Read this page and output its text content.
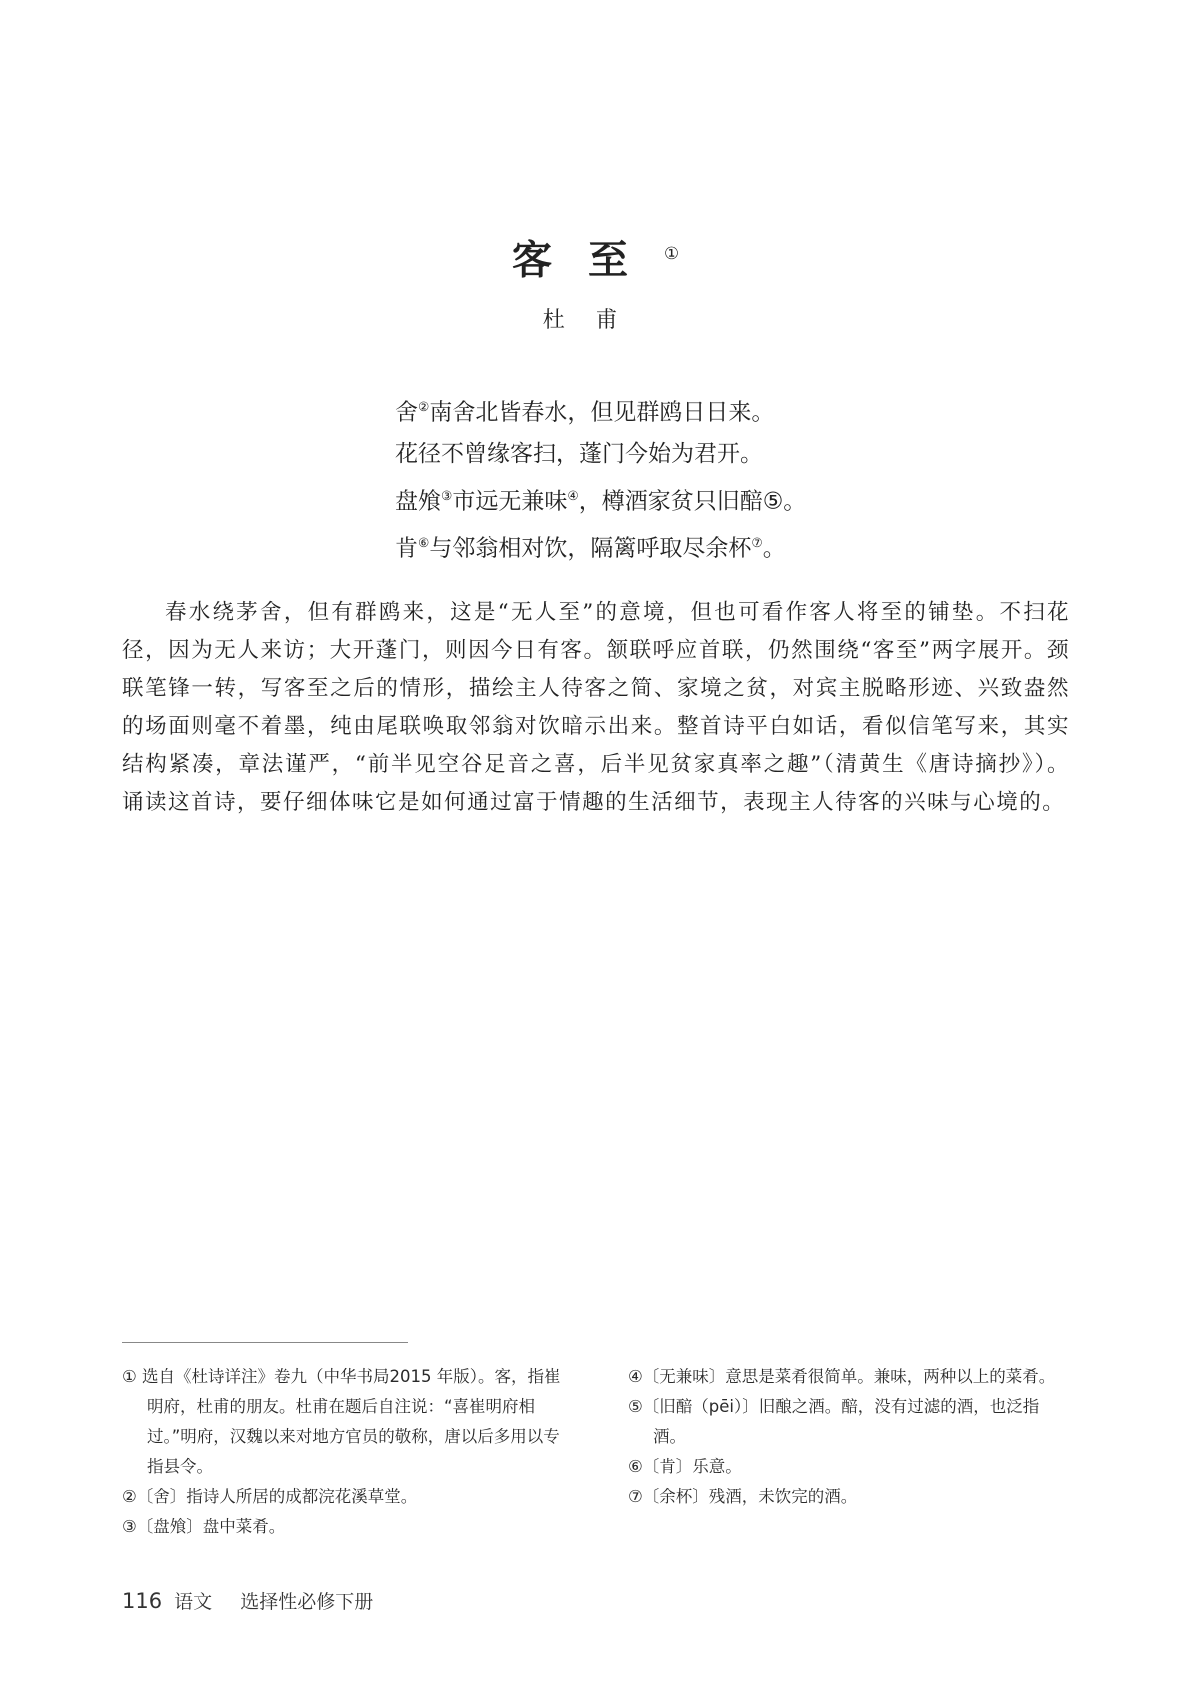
客至①
杜甫
舍②南舍北皆春水，但见群鸥日日来。
花径不曾缘客扫，蓬门今始为君开。
盘飧③市远无兼味④，樽酒家贫只旧醅⑤。
肯⑥与邻翁相对饮，隔篱呼取尽余杯⑦。
春水绕茅舍，但有群鸥来，这是“无人至”的意境，但也可看作客人将至的铺垫。不扫花径，因为无人来访；大开蓬门，则因今日有客。颔联呼应首联，仍然围绕“客至”两字展开。颈联笔锋一转，写客至之后的情形，描绘主人待客之简、家境之贫，对宾主脱略形迹、兴致盎然的场面则毫不着墨，纯由尾联唤取邻翁对饮暗示出来。整首诗平白如话，看似信笔写来，其实结构紧凑，章法谨严，“前半见空谷足音之喜，后半见贫家真率之趣”（清黄生《唐诗摘抄》）。诵读这首诗，要仔细体味它是如何通过富于情趣的生活细节，表现主人待客的兴味与心境的。
① 选自《杜诗详注》卷九（中华书局2015 年版）。客，指崔明府，杜甫的朋友。杜甫在题后自注说：“喜崔明府相过。”明府，汉魏以来对地方官员的敬称，唐以后多用以专指县令。
②〔舍〕指诗人所居的成都浣花溪草堂。
③〔盘飧〕盘中菜肴。
④〔无兼味〕意思是菜肴很简单。兼味，两种以上的菜肴。
⑤〔旧醅（pēi）〕旧酿之酒。醅，没有过滤的酒，也泛指酒。
⑥〔肯〕乐意。
⑦〔余杯〕残酒，未饮完的酒。
116 语文 选择性必修下册
